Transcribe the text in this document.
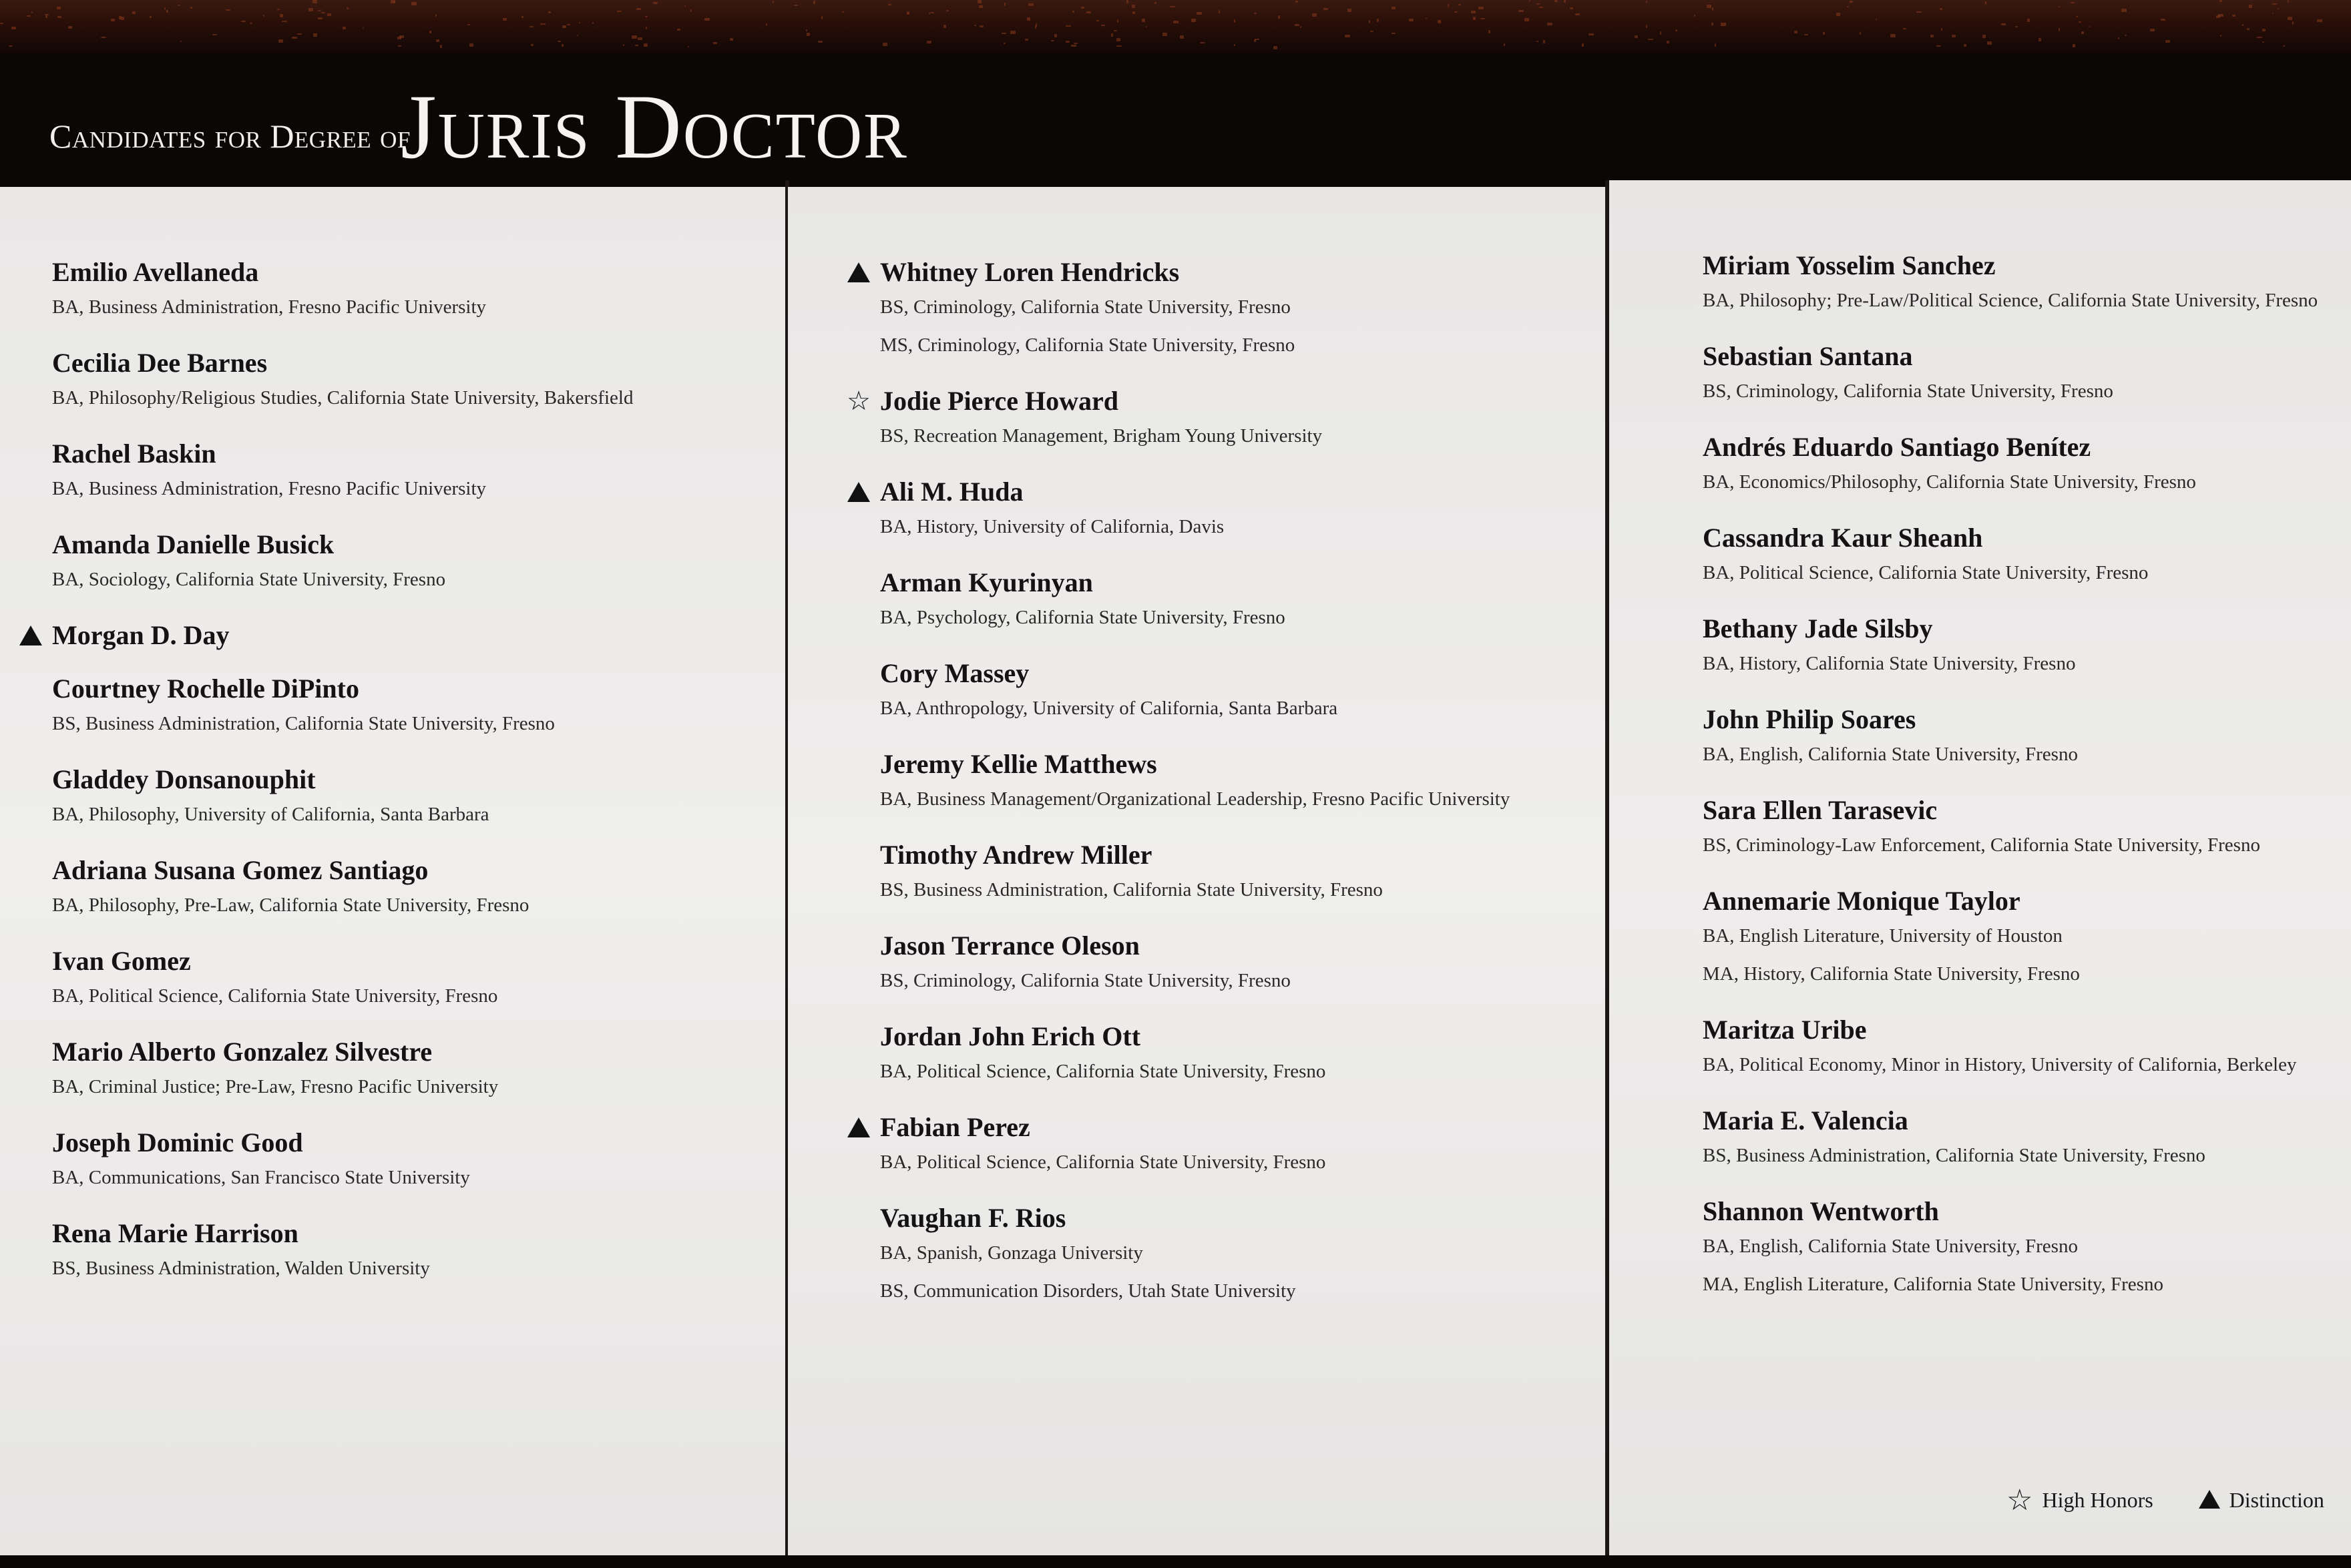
Candidates for Degree of
Juris Doctor
Emilio Avellaneda
BA, Business Administration, Fresno Pacific University
Cecilia Dee Barnes
BA, Philosophy/Religious Studies, California State University, Bakersfield
Rachel Baskin
BA, Business Administration, Fresno Pacific University
Amanda Danielle Busick
BA, Sociology, California State University, Fresno
Morgan D. Day
Courtney Rochelle DiPinto
BS, Business Administration, California State University, Fresno
Gladdey Donsanouphit
BA, Philosophy, University of California, Santa Barbara
Adriana Susana Gomez Santiago
BA, Philosophy, Pre-Law, California State University, Fresno
Ivan Gomez
BA, Political Science, California State University, Fresno
Mario Alberto Gonzalez Silvestre
BA, Criminal Justice; Pre-Law, Fresno Pacific University
Joseph Dominic Good
BA, Communications, San Francisco State University
Rena Marie Harrison
BS, Business Administration, Walden University
Whitney Loren Hendricks
BS, Criminology, California State University, Fresno
MS, Criminology, California State University, Fresno
☆ Jodie Pierce Howard
BS, Recreation Management, Brigham Young University
Ali M. Huda
BA, History, University of California, Davis
Arman Kyurinyan
BA, Psychology, California State University, Fresno
Cory Massey
BA, Anthropology, University of California, Santa Barbara
Jeremy Kellie Matthews
BA, Business Management/Organizational Leadership, Fresno Pacific University
Timothy Andrew Miller
BS, Business Administration, California State University, Fresno
Jason Terrance Oleson
BS, Criminology, California State University, Fresno
Jordan John Erich Ott
BA, Political Science, California State University, Fresno
Fabian Perez
BA, Political Science, California State University, Fresno
Vaughan F. Rios
BA, Spanish, Gonzaga University
BS, Communication Disorders, Utah State University
Miriam Yosselim Sanchez
BA, Philosophy; Pre-Law/Political Science, California State University, Fresno
Sebastian Santana
BS, Criminology, California State University, Fresno
Andrés Eduardo Santiago Benítez
BA, Economics/Philosophy, California State University, Fresno
Cassandra Kaur Sheanh
BA, Political Science, California State University, Fresno
Bethany Jade Silsby
BA, History, California State University, Fresno
John Philip Soares
BA, English, California State University, Fresno
Sara Ellen Tarasevic
BS, Criminology-Law Enforcement, California State University, Fresno
Annemarie Monique Taylor
BA, English Literature, University of Houston
MA, History, California State University, Fresno
Maritza Uribe
BA, Political Economy, Minor in History, University of California, Berkeley
Maria E. Valencia
BS, Business Administration, California State University, Fresno
Shannon Wentworth
BA, English, California State University, Fresno
MA, English Literature, California State University, Fresno
☆ High Honors	Distinction
